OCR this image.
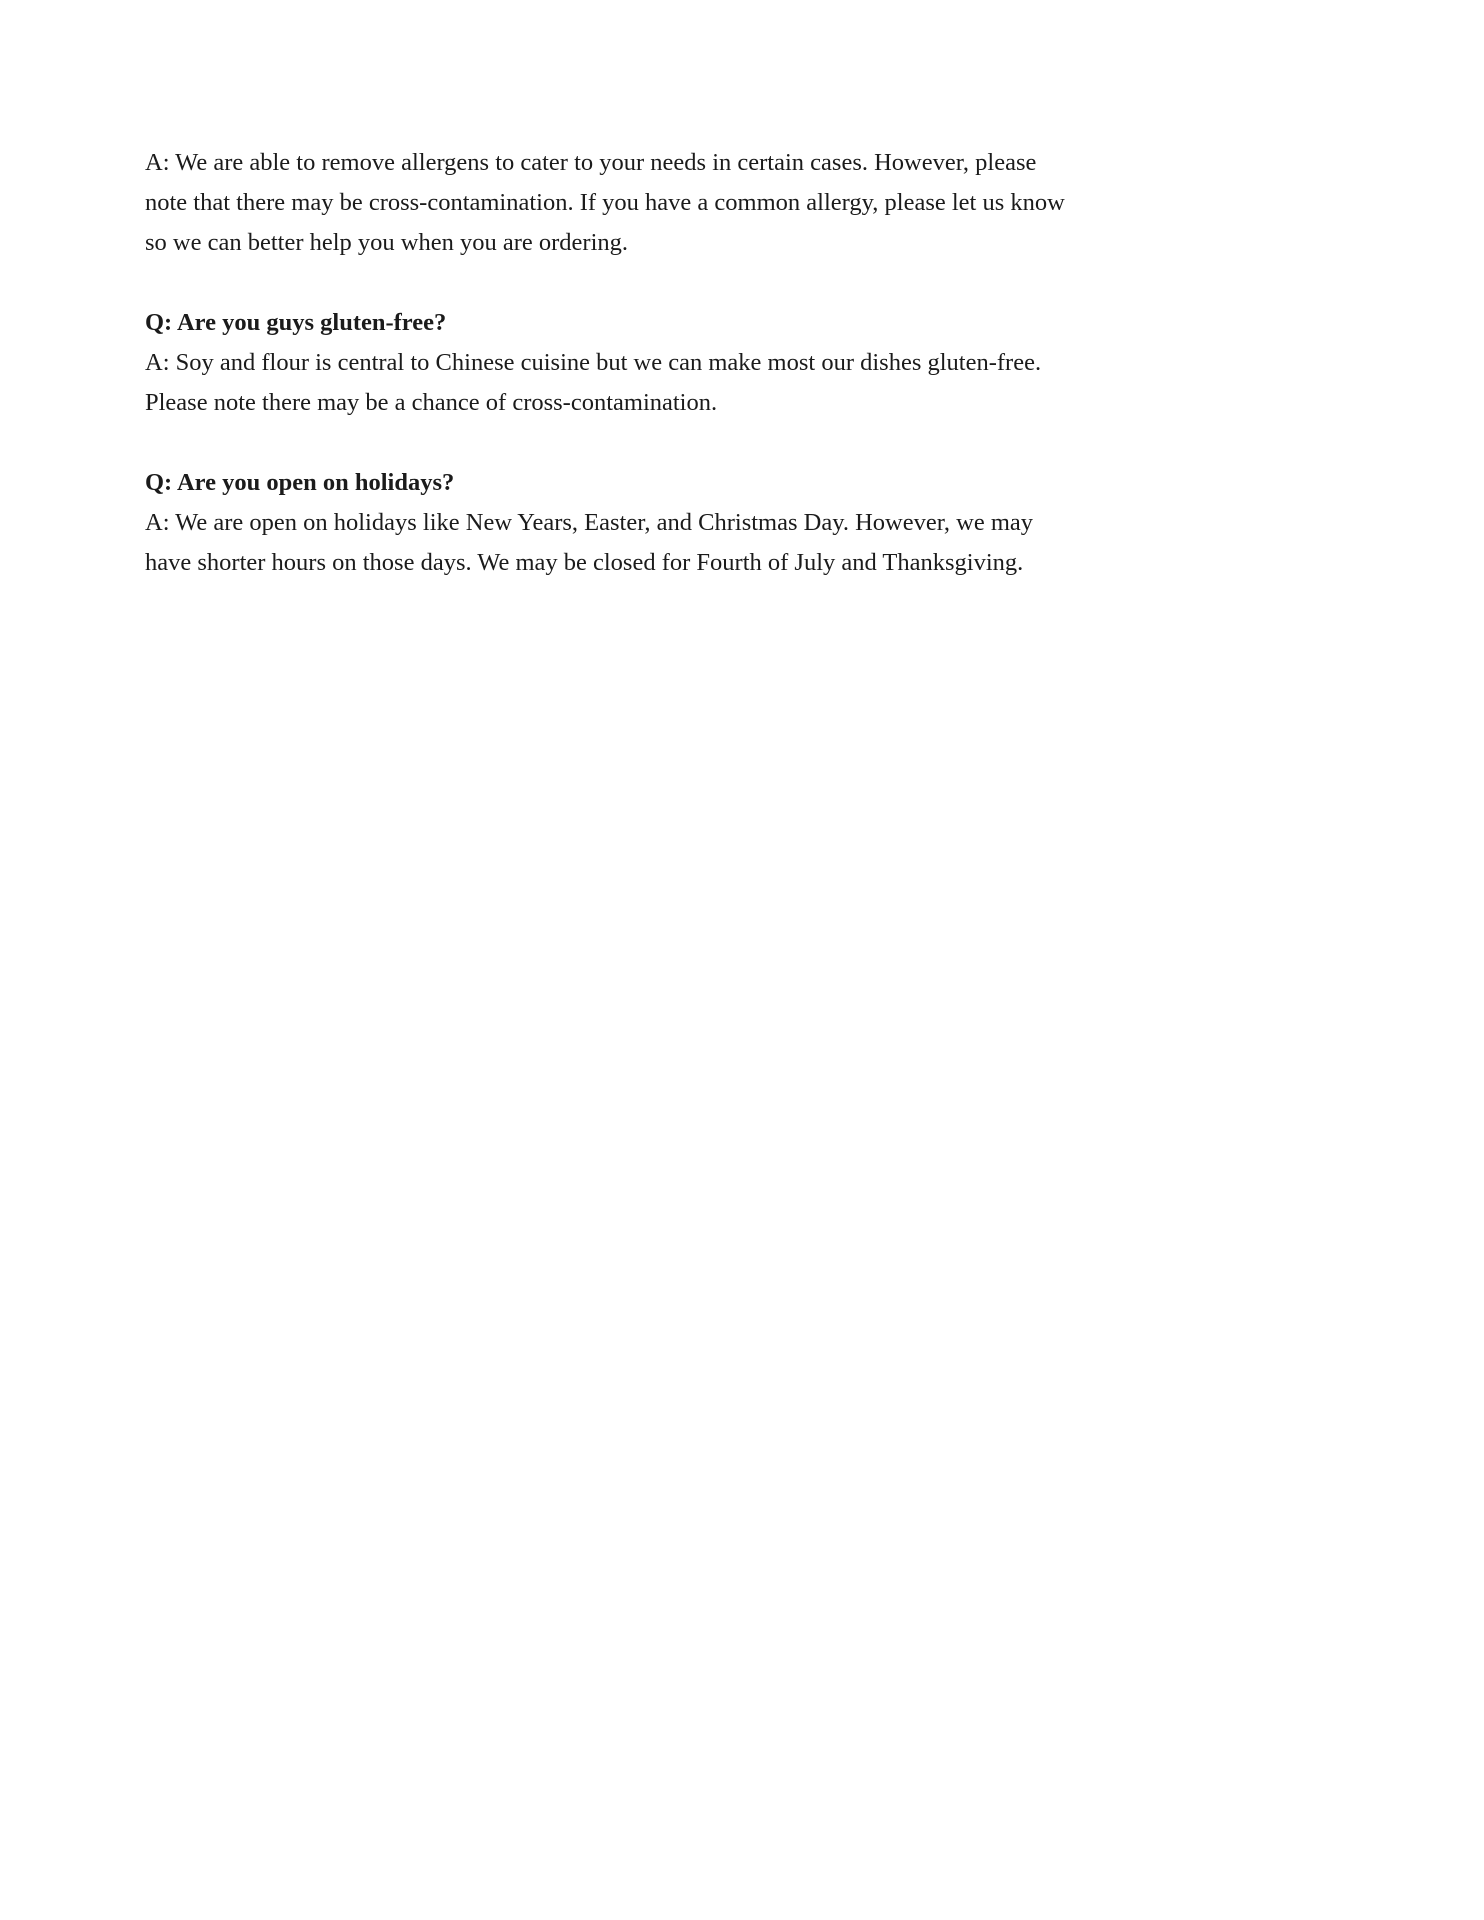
A: We are able to remove allergens to cater to your needs in certain cases. However, please note that there may be cross-contamination. If you have a common allergy, please let us know so we can better help you when you are ordering.

Q: Are you guys gluten-free?

A: Soy and flour is central to Chinese cuisine but we can make most our dishes gluten-free. Please note there may be a chance of cross-contamination.

Q: Are you open on holidays?

A: We are open on holidays like New Years, Easter, and Christmas Day. However, we may have shorter hours on those days. We may be closed for Fourth of July and Thanksgiving.
